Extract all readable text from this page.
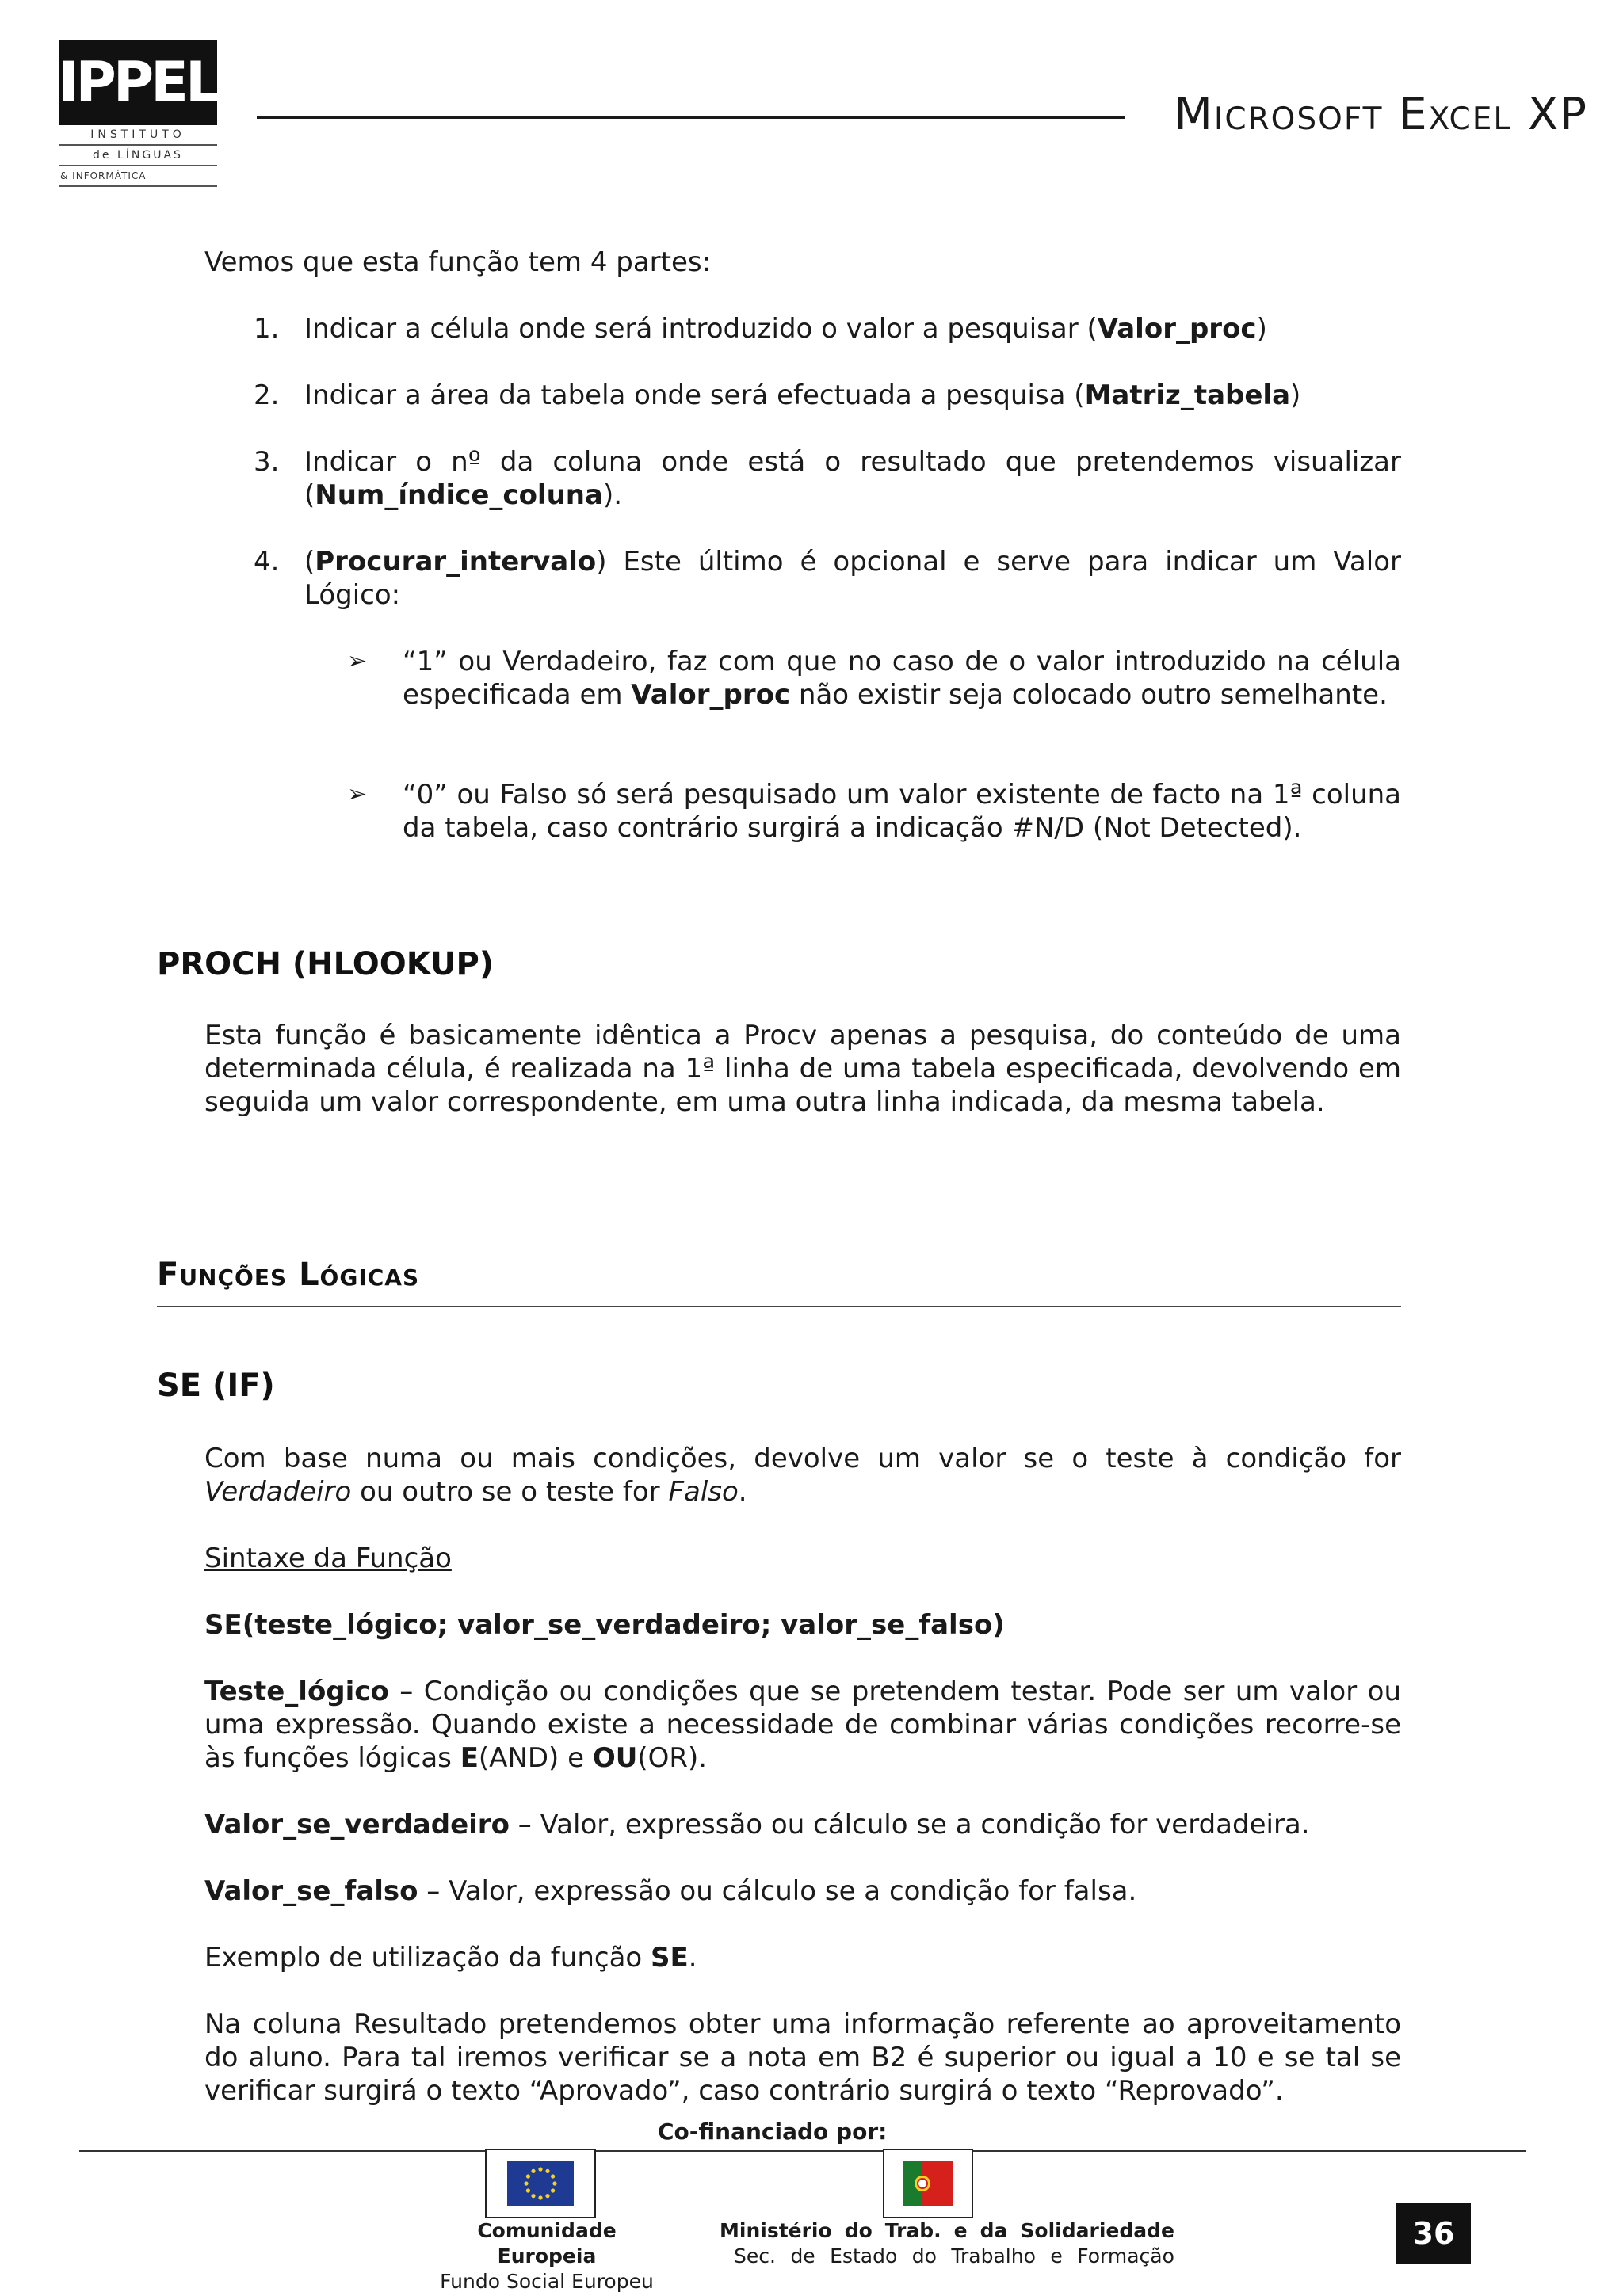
IPPEL
INSTITUTO
de LÍNGUAS
& INFORMÁTICA
Microsoft Excel XP
Vemos que esta função tem 4 partes:
1. Indicar a célula onde será introduzido o valor a pesquisar (Valor_proc)
2. Indicar a área da tabela onde será efectuada a pesquisa (Matriz_tabela)
3. Indicar o nº da coluna onde está o resultado que pretendemos visualizar (Num_índice_coluna).
4. (Procurar_intervalo) Este último é opcional e serve para indicar um Valor Lógico:
➢ “1” ou Verdadeiro, faz com que no caso de o valor introduzido na célula especificada em Valor_proc não existir seja colocado outro semelhante.
➢ “0” ou Falso só será pesquisado um valor existente de facto na 1ª coluna da tabela, caso contrário surgirá a indicação #N/D (Not Detected).
PROCH (HLOOKUP)
Esta função é basicamente idêntica a Procv apenas a pesquisa, do conteúdo de uma determinada célula, é realizada na 1ª linha de uma tabela especificada, devolvendo em seguida um valor correspondente, em uma outra linha indicada, da mesma tabela.
Funções Lógicas
SE (IF)
Com base numa ou mais condições, devolve um valor se o teste à condição for Verdadeiro ou outro se o teste for Falso.
Sintaxe da Função
SE(teste_lógico; valor_se_verdadeiro; valor_se_falso)
Teste_lógico – Condição ou condições que se pretendem testar. Pode ser um valor ou uma expressão. Quando existe a necessidade de combinar várias condições recorre-se às funções lógicas E(AND) e OU(OR).
Valor_se_verdadeiro – Valor, expressão ou cálculo se a condição for verdadeira.
Valor_se_falso – Valor, expressão ou cálculo se a condição for falsa.
Exemplo de utilização da função SE.
Na coluna Resultado pretendemos obter uma informação referente ao aproveitamento do aluno. Para tal iremos verificar se a nota em B2 é superior ou igual a 10 e se tal se verificar surgirá o texto “Aprovado”, caso contrário surgirá o texto “Reprovado”.
Co-financiado por:
Comunidade Europeia
Fundo Social Europeu
Ministério do Trab. e da Solidariedade
Sec. de Estado do Trabalho e Formação
36
